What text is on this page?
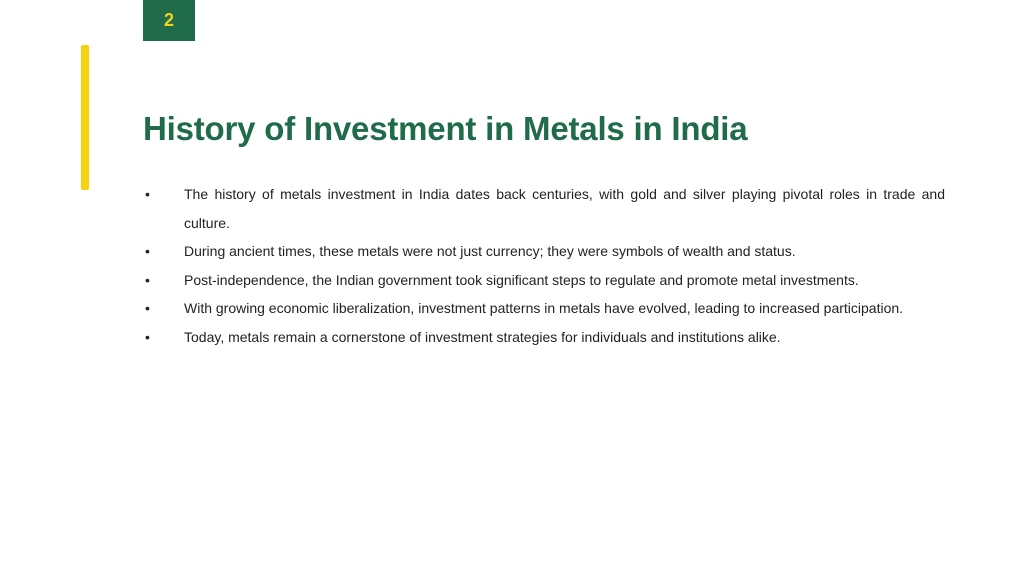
2
History of Investment in Metals in India
•	The history of metals investment in India dates back centuries, with gold and silver playing pivotal roles in trade and culture.
•	During ancient times, these metals were not just currency; they were symbols of wealth and status.
•	Post-independence, the Indian government took significant steps to regulate and promote metal investments.
•	With growing economic liberalization, investment patterns in metals have evolved, leading to increased participation.
•	Today, metals remain a cornerstone of investment strategies for individuals and institutions alike.
